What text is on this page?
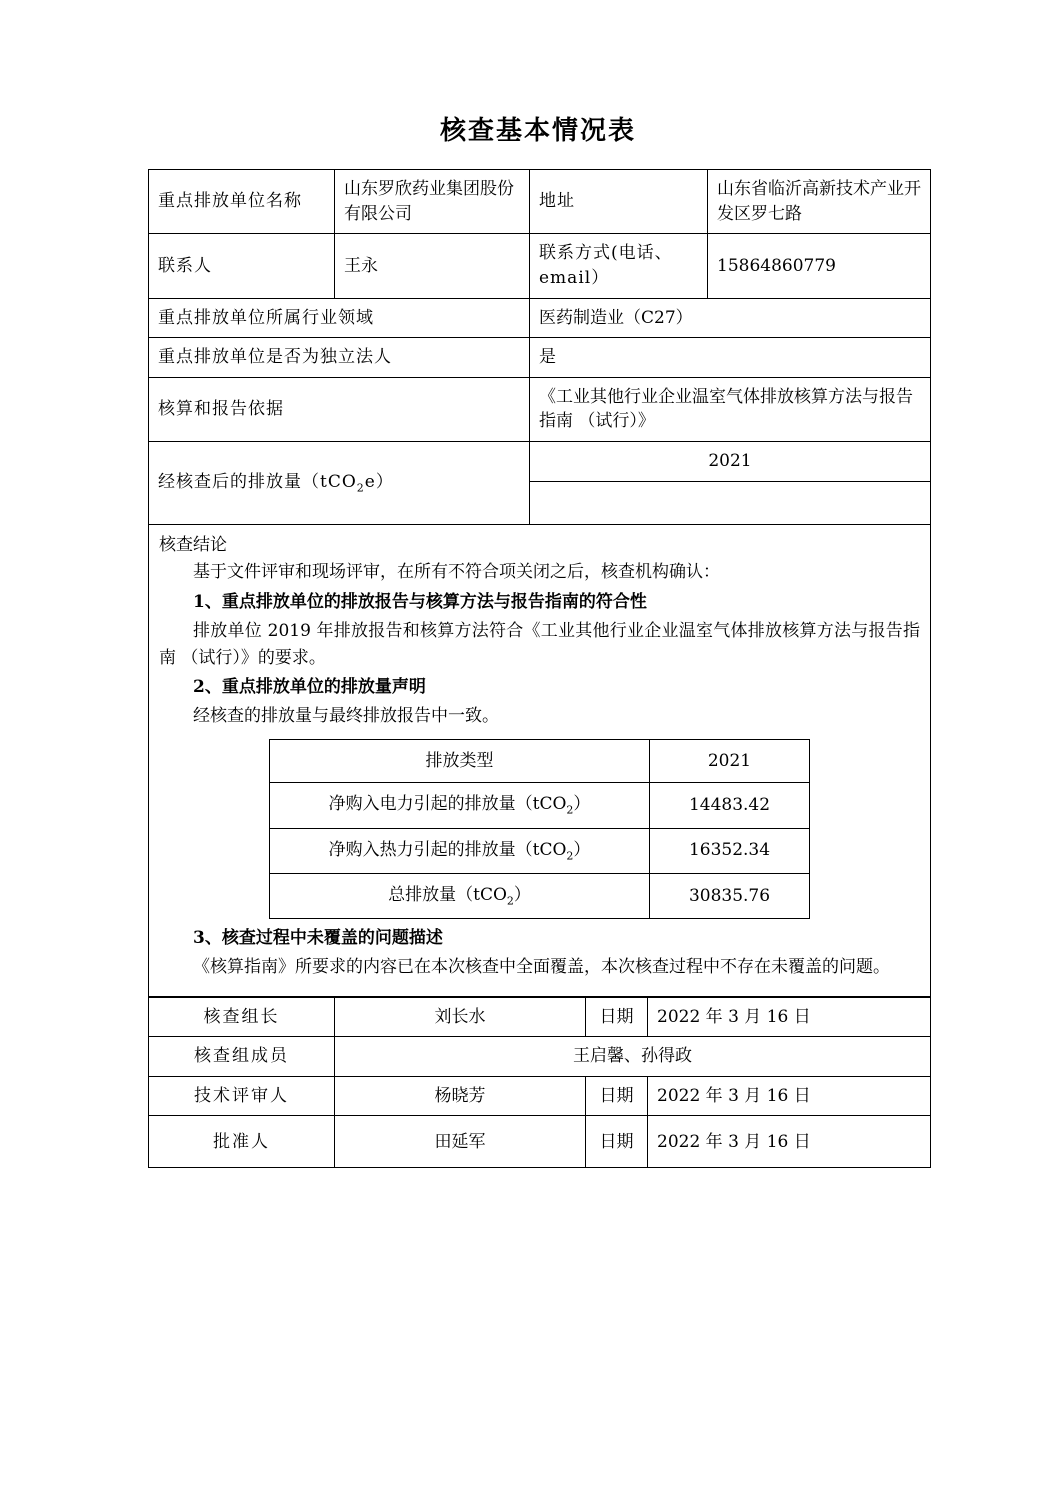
核查基本情况表
重点排放单位名称	山东罗欣药业集团股份有限公司	地址	山东省临沂高新技术产业开发区罗七路
联系人	王永	联系方式(电话、email）	15864860779
重点排放单位所属行业领域	医药制造业（C27）
重点排放单位是否为独立法人	是
核算和报告依据	《工业其他行业企业温室气体排放核算方法与报告指南 （试行）》
经核查后的排放量（tCO$_2$e）	2021

核查结论
基于文件评审和现场评审，在所有不符合项关闭之后，核查机构确认：
1、重点排放单位的排放报告与核算方法与报告指南的符合性
排放单位 2019 年排放报告和核算方法符合《工业其他行业企业温室气体排放核算方法与报告指南 （试行）》的要求。
2、重点排放单位的排放量声明
经核查的排放量与最终排放报告中一致。
排放类型	2021
净购入电力引起的排放量（tCO$_2$）	14483.42
净购入热力引起的排放量（tCO$_2$）	16352.34
总排放量（tCO$_2$）	30835.76
3、核查过程中未覆盖的问题描述
《核算指南》所要求的内容已在本次核查中全面覆盖，本次核查过程中不存在未覆盖的问题。
核查组长	刘长水	日期	2022 年 3 月 16 日
核查组成员	王启馨、孙得政		
技术评审人	杨晓芳	日期	2022 年 3 月 16 日
批准人	田延军	日期	2022 年 3 月 16 日
